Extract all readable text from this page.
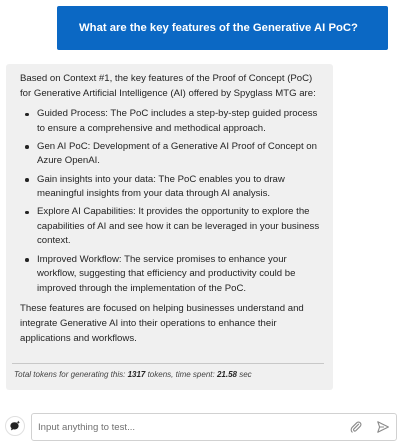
What are the key features of the Generative AI PoC?

Based on Context #1, the key features of the Proof of Concept (PoC) for Generative Artificial Intelligence (AI) offered by Spyglass MTG are:

Guided Process: The PoC includes a step-by-step guided process to ensure a comprehensive and methodical approach.
Gen AI PoC: Development of a Generative AI Proof of Concept on Azure OpenAI.
Gain insights into your data: The PoC enables you to draw meaningful insights from your data through AI analysis.
Explore AI Capabilities: It provides the opportunity to explore the capabilities of AI and see how it can be leveraged in your business context.
Improved Workflow: The service promises to enhance your workflow, suggesting that efficiency and productivity could be improved through the implementation of the PoC.

These features are focused on helping businesses understand and integrate Generative AI into their operations to enhance their applications and workflows.

Total tokens for generating this: 1317 tokens, time spent: 21.58 sec
Input anything to test...
